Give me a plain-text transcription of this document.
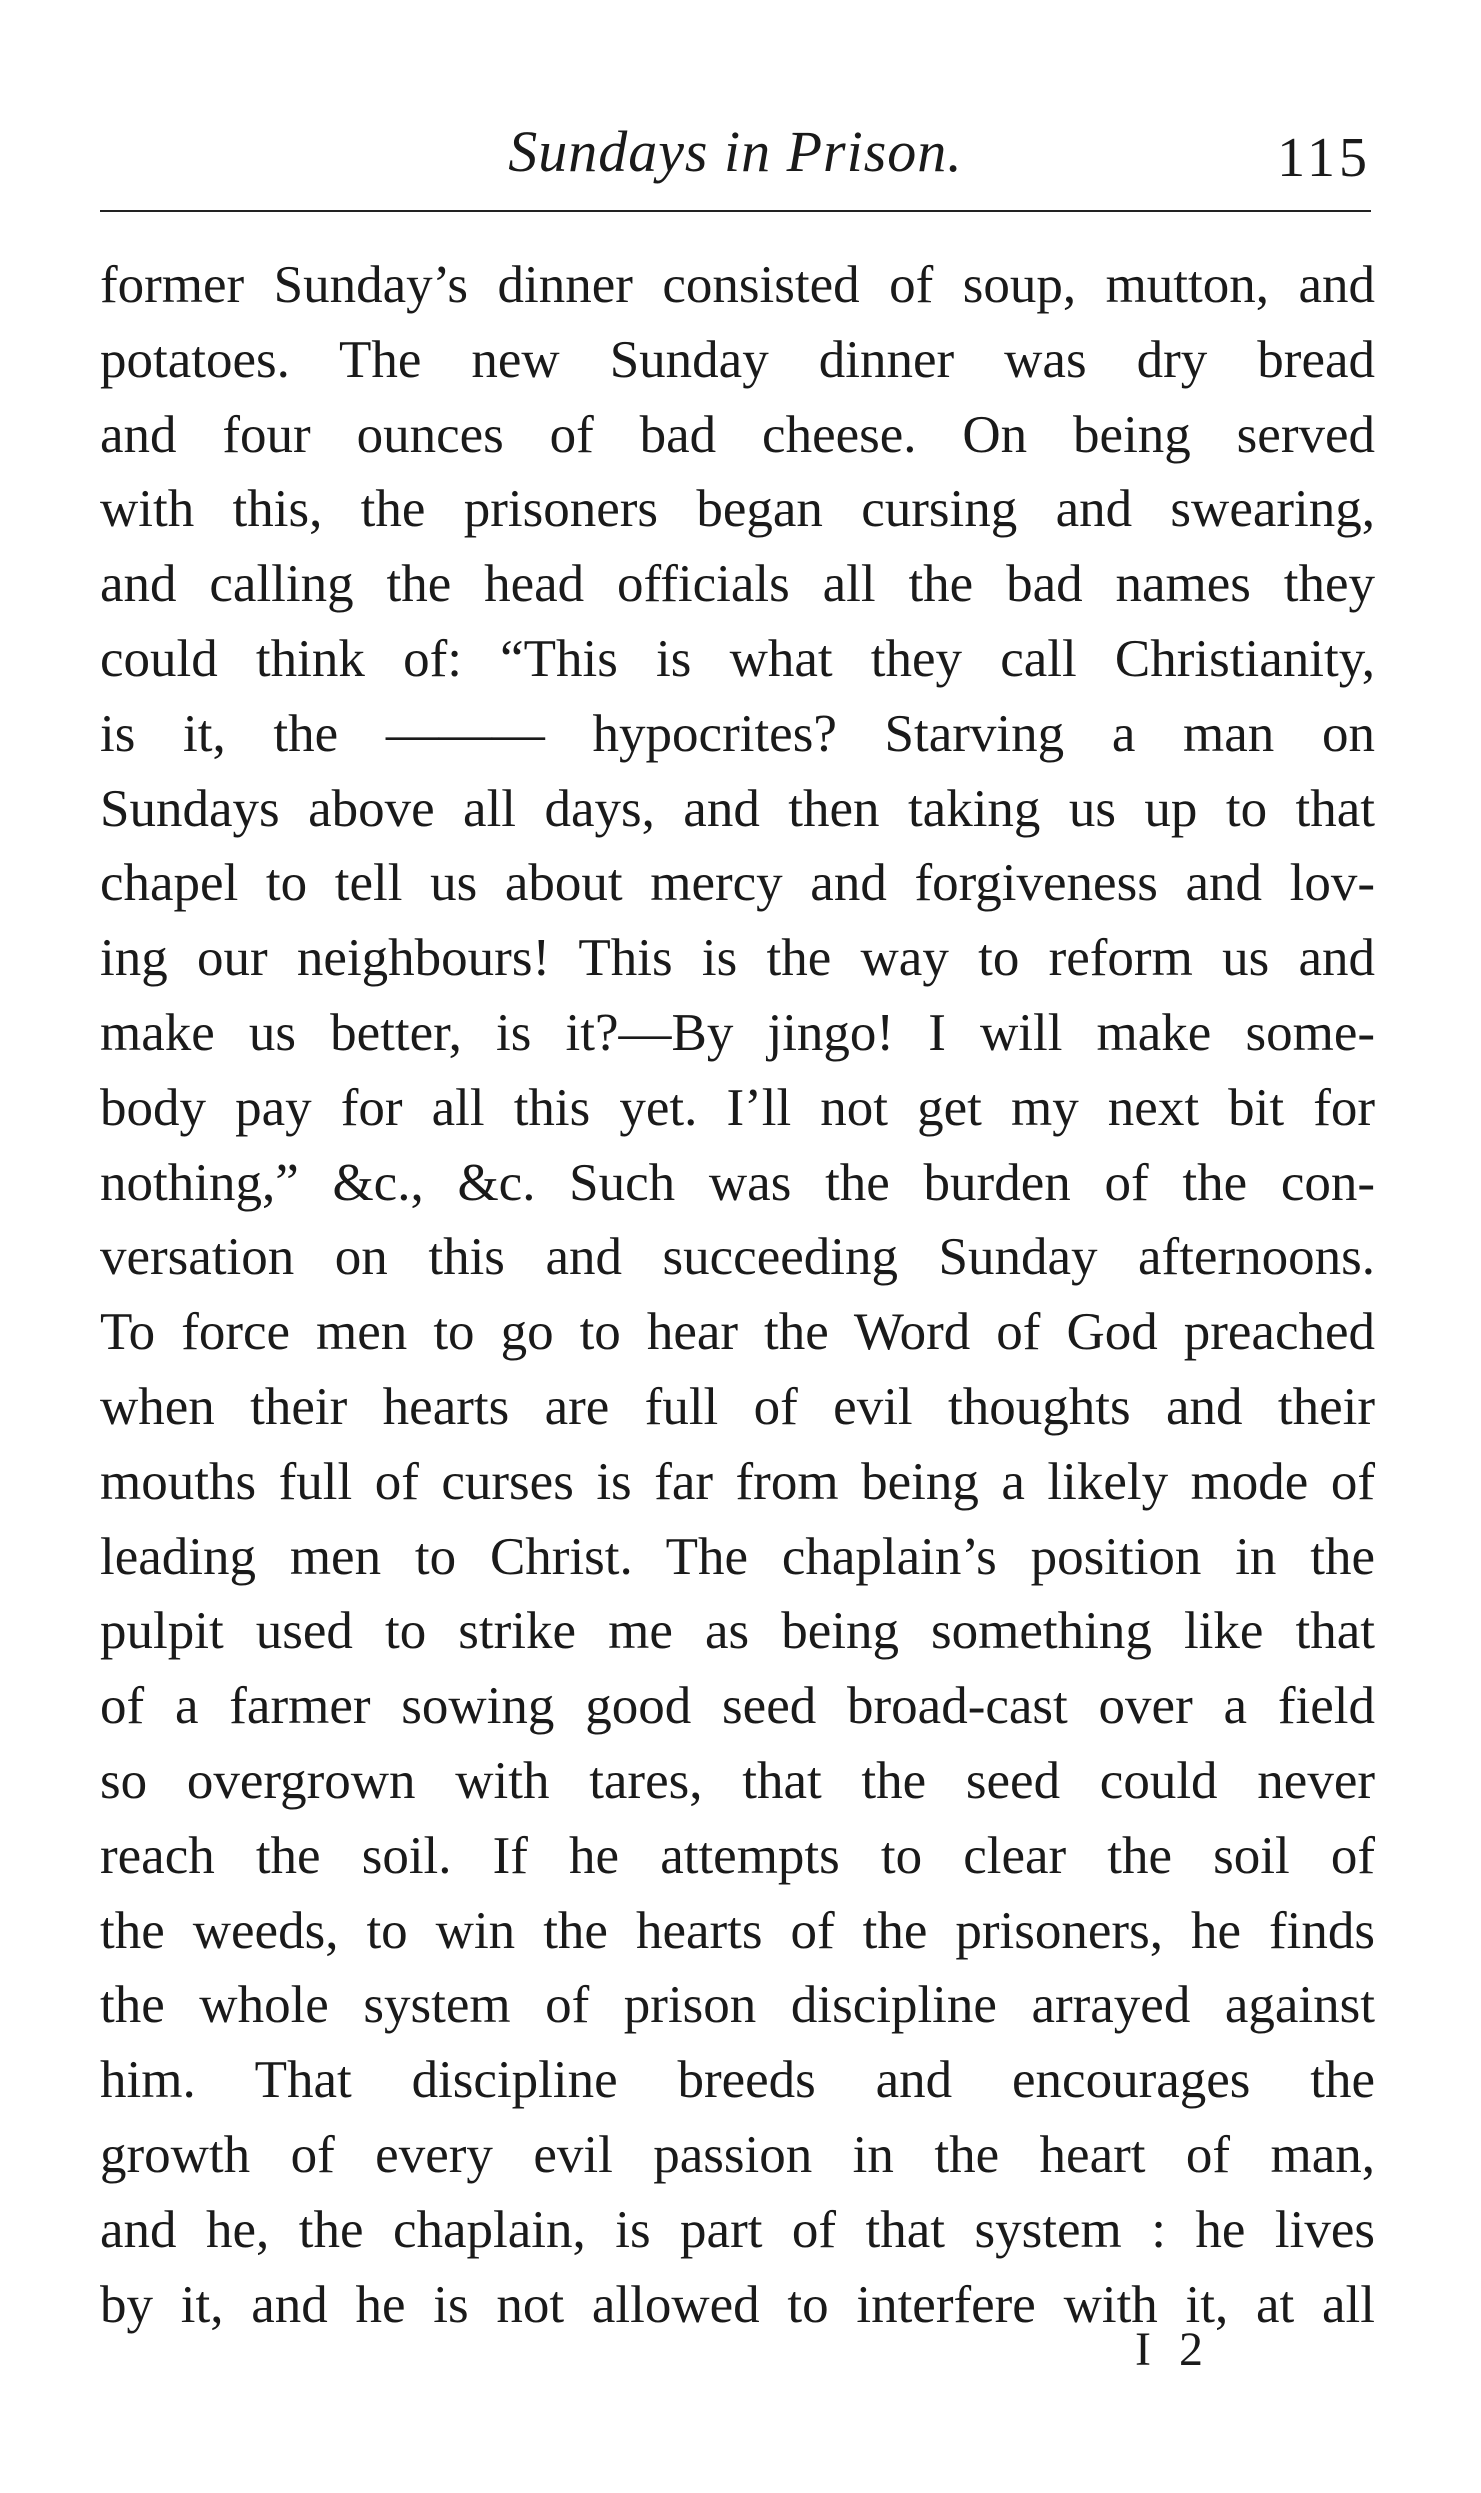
Sundays in Prison.	115
former Sunday’s dinner consisted of soup, mutton, and
potatoes. The new Sunday dinner was dry bread
and four ounces of bad cheese. On being served
with this, the prisoners began cursing and swearing,
and calling the head officials all the bad names they
could think of: “This is what they call Christianity,
is it, the ——— hypocrites? Starving a man on
Sundays above all days, and then taking us up to that
chapel to tell us about mercy and forgiveness and lov-
ing our neighbours! This is the way to reform us and
make us better, is it?—By jingo! I will make some-
body pay for all this yet. I’ll not get my next bit for
nothing,” &c., &c. Such was the burden of the con-
versation on this and succeeding Sunday afternoons.
To force men to go to hear the Word of God preached
when their hearts are full of evil thoughts and their
mouths full of curses is far from being a likely mode of
leading men to Christ. The chaplain’s position in the
pulpit used to strike me as being something like that
of a farmer sowing good seed broad-cast over a field
so overgrown with tares, that the seed could never
reach the soil. If he attempts to clear the soil of
the weeds, to win the hearts of the prisoners, he finds
the whole system of prison discipline arrayed against
him. That discipline breeds and encourages the
growth of every evil passion in the heart of man,
and he, the chaplain, is part of that system : he lives
by it, and he is not allowed to interfere with it, at all
I 2
